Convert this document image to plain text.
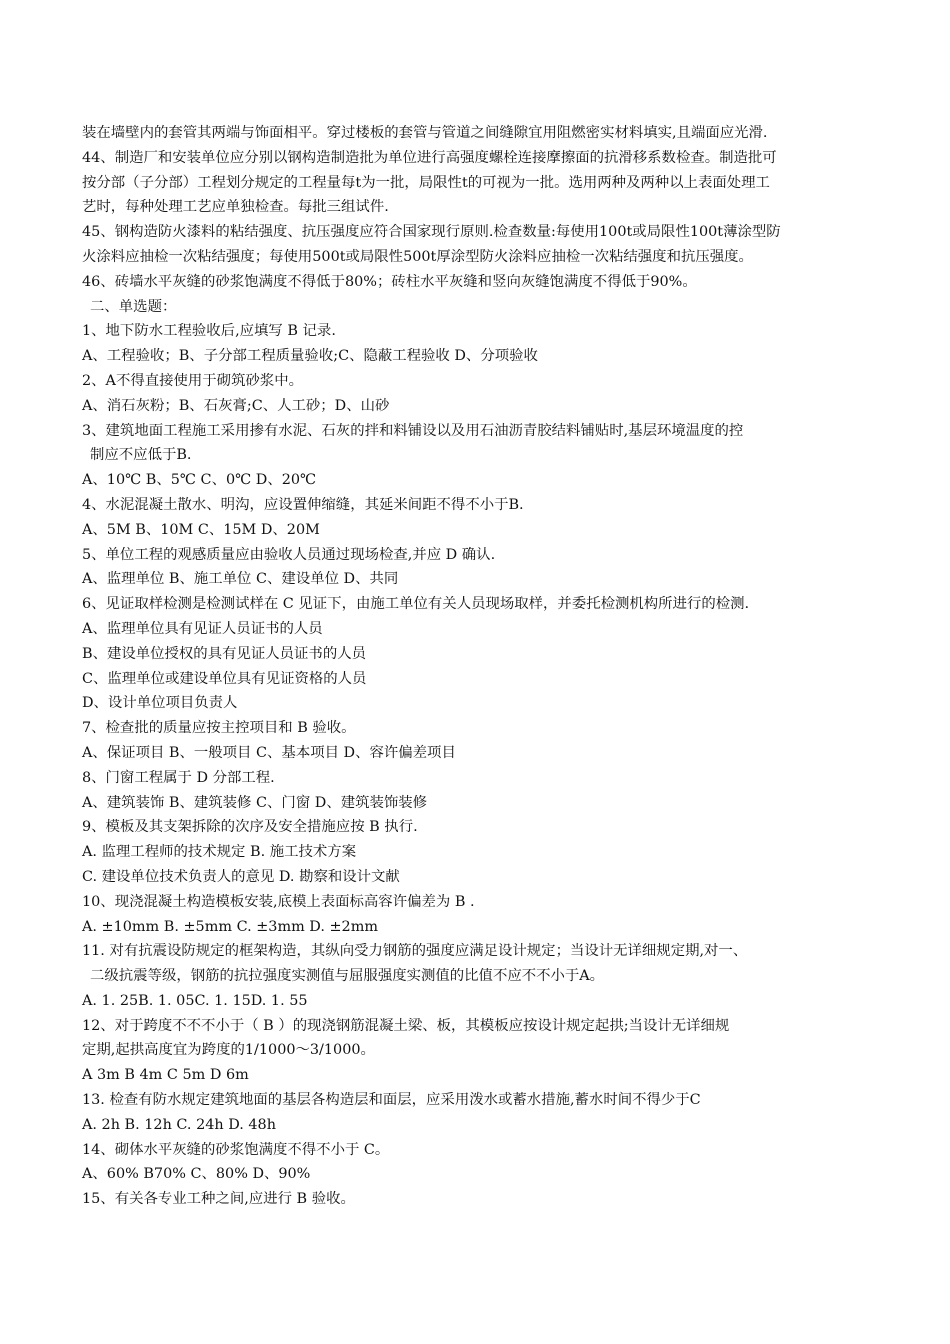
装在墙壁内的套管其两端与饰面相平。穿过楼板的套管与管道之间缝隙宜用阻燃密实材料填实,且端面应光滑.
44、制造厂和安装单位应分别以钢构造制造批为单位进行高强度螺栓连接摩擦面的抗滑移系数检查。制造批可
按分部（子分部）工程划分规定的工程量每t为一批，局限性t的可视为一批。选用两种及两种以上表面处理工
艺时，每种处理工艺应单独检查。每批三组试件.
45、钢构造防火漆料的粘结强度、抗压强度应符合国家现行原则.检查数量:每使用100t或局限性100t薄涂型防
火涂料应抽检一次粘结强度；每使用500t或局限性500t厚涂型防火涂料应抽检一次粘结强度和抗压强度。
46、砖墙水平灰缝的砂浆饱满度不得低于80%；砖柱水平灰缝和竖向灰缝饱满度不得低于90%。
二、单选题：
1、地下防水工程验收后,应填写 B 记录.
A、工程验收；B、子分部工程质量验收;C、隐蔽工程验收 D、分项验收
2、A不得直接使用于砌筑砂浆中。
A、消石灰粉；B、石灰膏;C、人工砂；D、山砂
3、建筑地面工程施工采用掺有水泥、石灰的拌和料铺设以及用石油沥青胶结料铺贴时,基层环境温度的控
制应不应低于B.
A、10℃ B、5℃ C、0℃ D、20℃
4、水泥混凝土散水、明沟，应设置伸缩缝，其延米间距不得不小于B.
A、5M B、10M C、15M D、20M
5、单位工程的观感质量应由验收人员通过现场检查,并应 D 确认.
A、监理单位 B、施工单位 C、建设单位 D、共同
6、见证取样检测是检测试样在 C 见证下，由施工单位有关人员现场取样，并委托检测机构所进行的检测.
A、监理单位具有见证人员证书的人员
B、建设单位授权的具有见证人员证书的人员
C、监理单位或建设单位具有见证资格的人员
D、设计单位项目负责人
7、检查批的质量应按主控项目和 B 验收。
A、保证项目 B、一般项目 C、基本项目 D、容许偏差项目
8、门窗工程属于 D 分部工程.
A、建筑装饰 B、建筑装修 C、门窗 D、建筑装饰装修
9、模板及其支架拆除的次序及安全措施应按 B 执行.
A. 监理工程师的技术规定 B. 施工技术方案
C. 建设单位技术负责人的意见 D. 勘察和设计文献
10、现浇混凝土构造模板安装,底模上表面标高容许偏差为 B .
A. ±10mm B. ±5mm C. ±3mm D. ±2mm
11. 对有抗震设防规定的框架构造，其纵向受力钢筋的强度应满足设计规定；当设计无详细规定期,对一、
二级抗震等级，钢筋的抗拉强度实测值与屈服强度实测值的比值不应不不小于A。
A. 1. 25B. 1. 05C. 1. 15D. 1. 55
12、对于跨度不不不小于（ B ）的现浇钢筋混凝土梁、板，其模板应按设计规定起拱;当设计无详细规
定期,起拱高度宜为跨度的1/1000～3/1000。
A 3m B 4m C 5m D 6m
13. 检查有防水规定建筑地面的基层各构造层和面层，应采用泼水或蓄水措施,蓄水时间不得少于C
A. 2h B. 12h C. 24h D. 48h
14、砌体水平灰缝的砂浆饱满度不得不小于 C。
A、60% B70% C、80% D、90%
15、有关各专业工种之间,应进行 B 验收。
